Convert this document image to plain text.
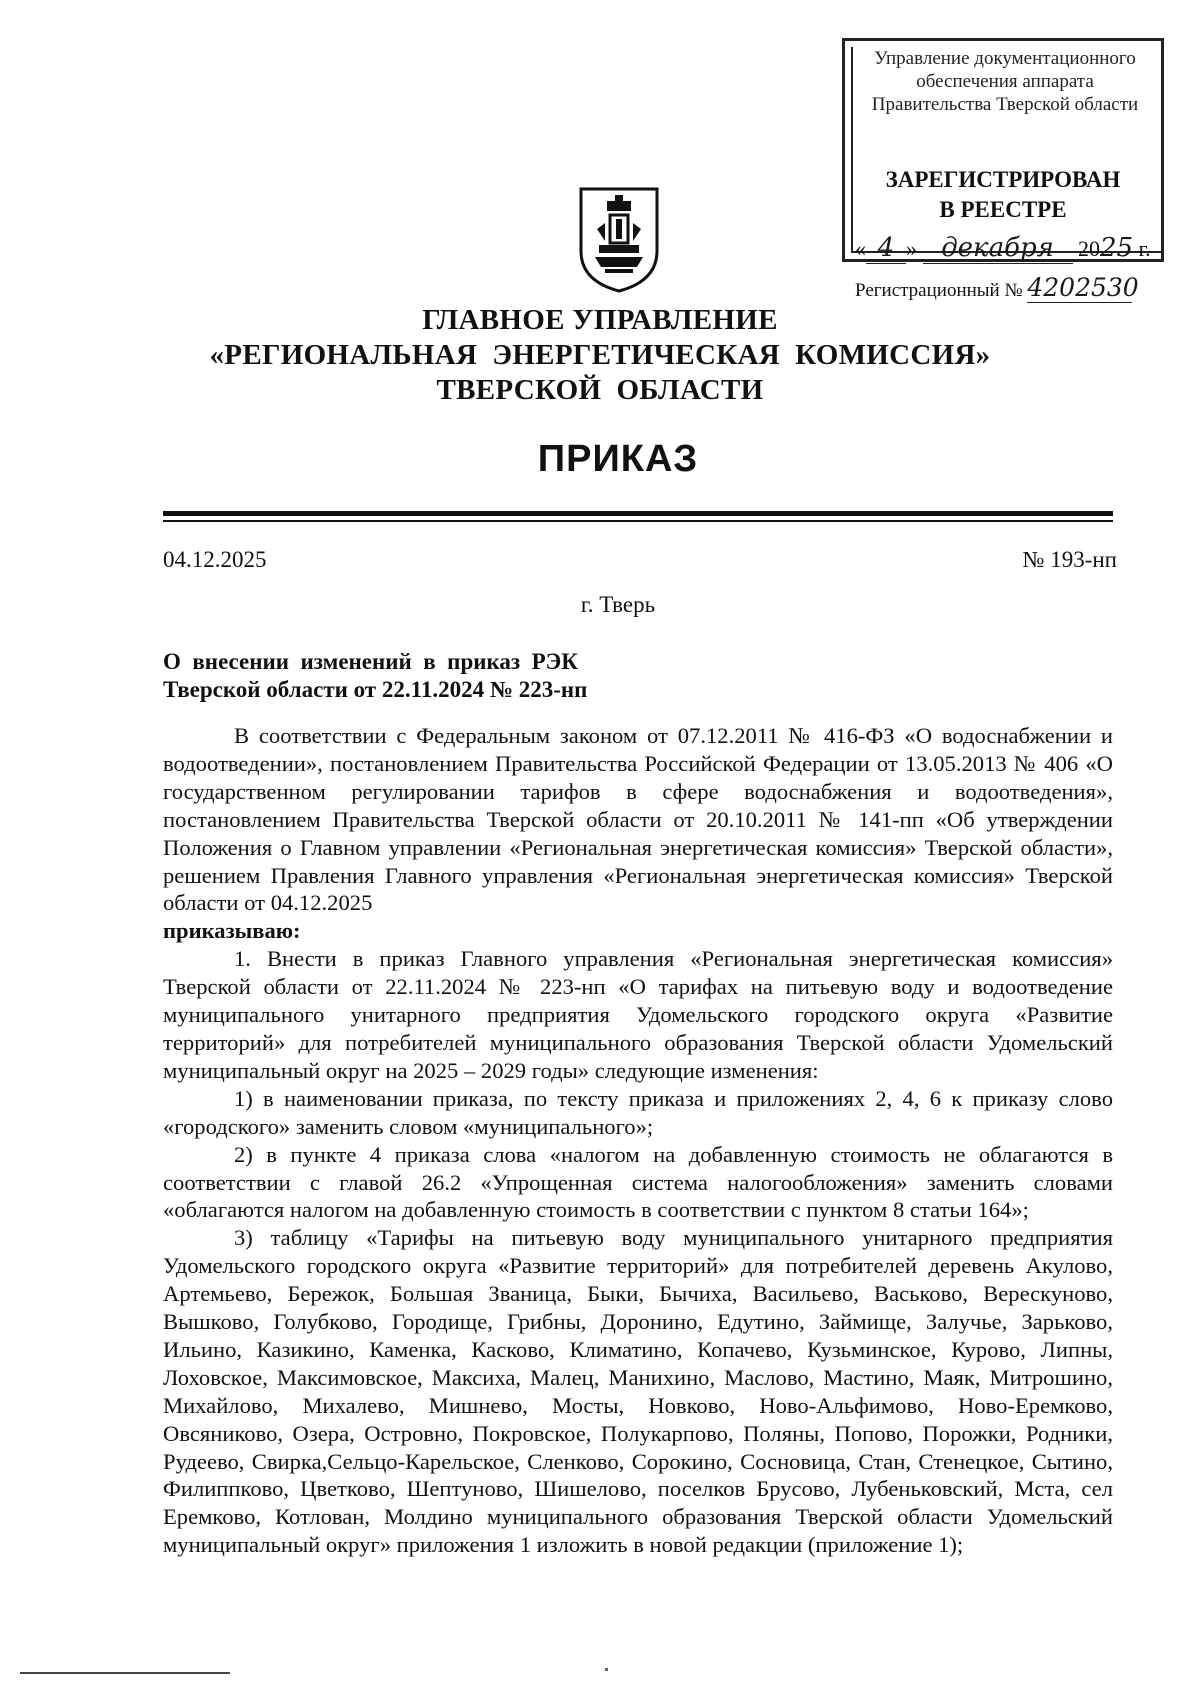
Управление документационного
обеспечения аппарата
Правительства Тверской области
ЗАРЕГИСТРИРОВАН
В РЕЕСТРЕ
« 4 » декабря 2025 г.
Регистрационный № 4202530
ГЛАВНОЕ УПРАВЛЕНИЕ
«РЕГИОНАЛЬНАЯ  ЭНЕРГЕТИЧЕСКАЯ  КОМИССИЯ»
ТВЕРСКОЙ  ОБЛАСТИ
ПРИКАЗ
04.12.2025	№ 193-нп
г. Тверь
О  внесении  изменений  в  приказ  РЭК
Тверской области от 22.11.2024 № 223-нп

В соответствии с Федеральным законом от 07.12.2011 № 416-ФЗ «О водоснабжении и водоотведении», постановлением Правительства Российской Федерации от 13.05.2013 № 406 «О государственном регулировании тарифов в сфере водоснабжения и водоотведения», постановлением Правительства Тверской области от 20.10.2011 № 141-пп «Об утверждении Положения о Главном управлении «Региональная энергетическая комиссия» Тверской области», решением Правления Главного управления «Региональная энергетическая комиссия» Тверской области от 04.12.2025

приказываю:

1. Внести в приказ Главного управления «Региональная энергетическая комиссия» Тверской области от 22.11.2024 № 223-нп «О тарифах на питьевую воду и водоотведение муниципального унитарного предприятия Удомельского городского округа «Развитие территорий» для потребителей муниципального образования Тверской области Удомельский муниципальный округ на 2025 – 2029 годы» следующие изменения:

1) в наименовании приказа, по тексту приказа и приложениях 2, 4, 6 к приказу слово «городского» заменить словом «муниципального»;

2) в пункте 4 приказа слова «налогом на добавленную стоимость не облагаются в соответствии с главой 26.2 «Упрощенная система налогообложения» заменить словами «облагаются налогом на добавленную стоимость в соответствии с пунктом 8 статьи 164»;

3) таблицу «Тарифы на питьевую воду муниципального унитарного предприятия Удомельского городского округа «Развитие территорий» для потребителей деревень Акулово, Артемьево, Бережок, Большая Званица, Быки, Бычиха, Васильево, Васьково, Верескуново, Вышково, Голубково, Городище, Грибны, Доронино, Едутино, Займище, Залучье, Зарьково, Ильино, Казикино, Каменка, Касково, Климатино, Копачево, Кузьминское, Курово, Липны, Лоховское, Максимовское, Максиха, Малец, Манихино, Маслово, Мастино, Маяк, Митрошино, Михайлово, Михалево, Мишнево, Мосты, Новково, Ново-Альфимово, Ново-Еремково, Овсяниково, Озера, Островно, Покровское, Полукарпово, Поляны, Попово, Порожки, Родники, Рудеево, Свирка,Сельцо-Карельское, Сленково, Сорокино, Сосновица, Стан, Стенецкое, Сытино, Филиппково, Цветково, Шептуново, Шишелово, поселков Брусово, Лубеньковский, Мста, сел Еремково, Котлован, Молдино муниципального образования Тверской области Удомельский муниципальный округ» приложения 1 изложить в новой редакции (приложение 1);
